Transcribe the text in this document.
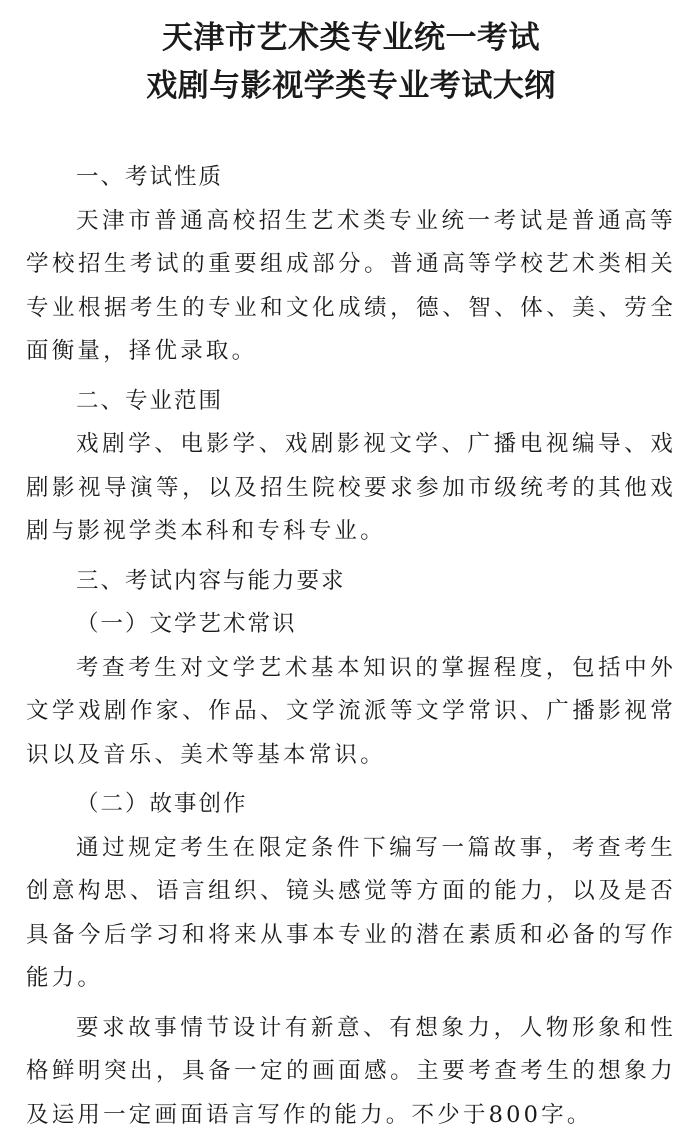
天津市艺术类专业统一考试

戏剧与影视学类专业考试大纲

一、考试性质

天津市普通高校招生艺术类专业统一考试是普通高等学校招生考试的重要组成部分。普通高等学校艺术类相关专业根据考生的专业和文化成绩，德、智、体、美、劳全面衡量，择优录取。

二、专业范围

戏剧学、电影学、戏剧影视文学、广播电视编导、戏剧影视导演等，以及招生院校要求参加市级统考的其他戏剧与影视学类本科和专科专业。

三、考试内容与能力要求
（一）文学艺术常识

考查考生对文学艺术基本知识的掌握程度，包括中外文学戏剧作家、作品、文学流派等文学常识、广播影视常识以及音乐、美术等基本常识。

（二）故事创作

通过规定考生在限定条件下编写一篇故事，考查考生创意构思、语言组织、镜头感觉等方面的能力，以及是否具备今后学习和将来从事本专业的潜在素质和必备的写作能力。

要求故事情节设计有新意、有想象力，人物形象和性格鲜明突出，具备一定的画面感。主要考查考生的想象力及运用一定画面语言写作的能力。不少于800字。
